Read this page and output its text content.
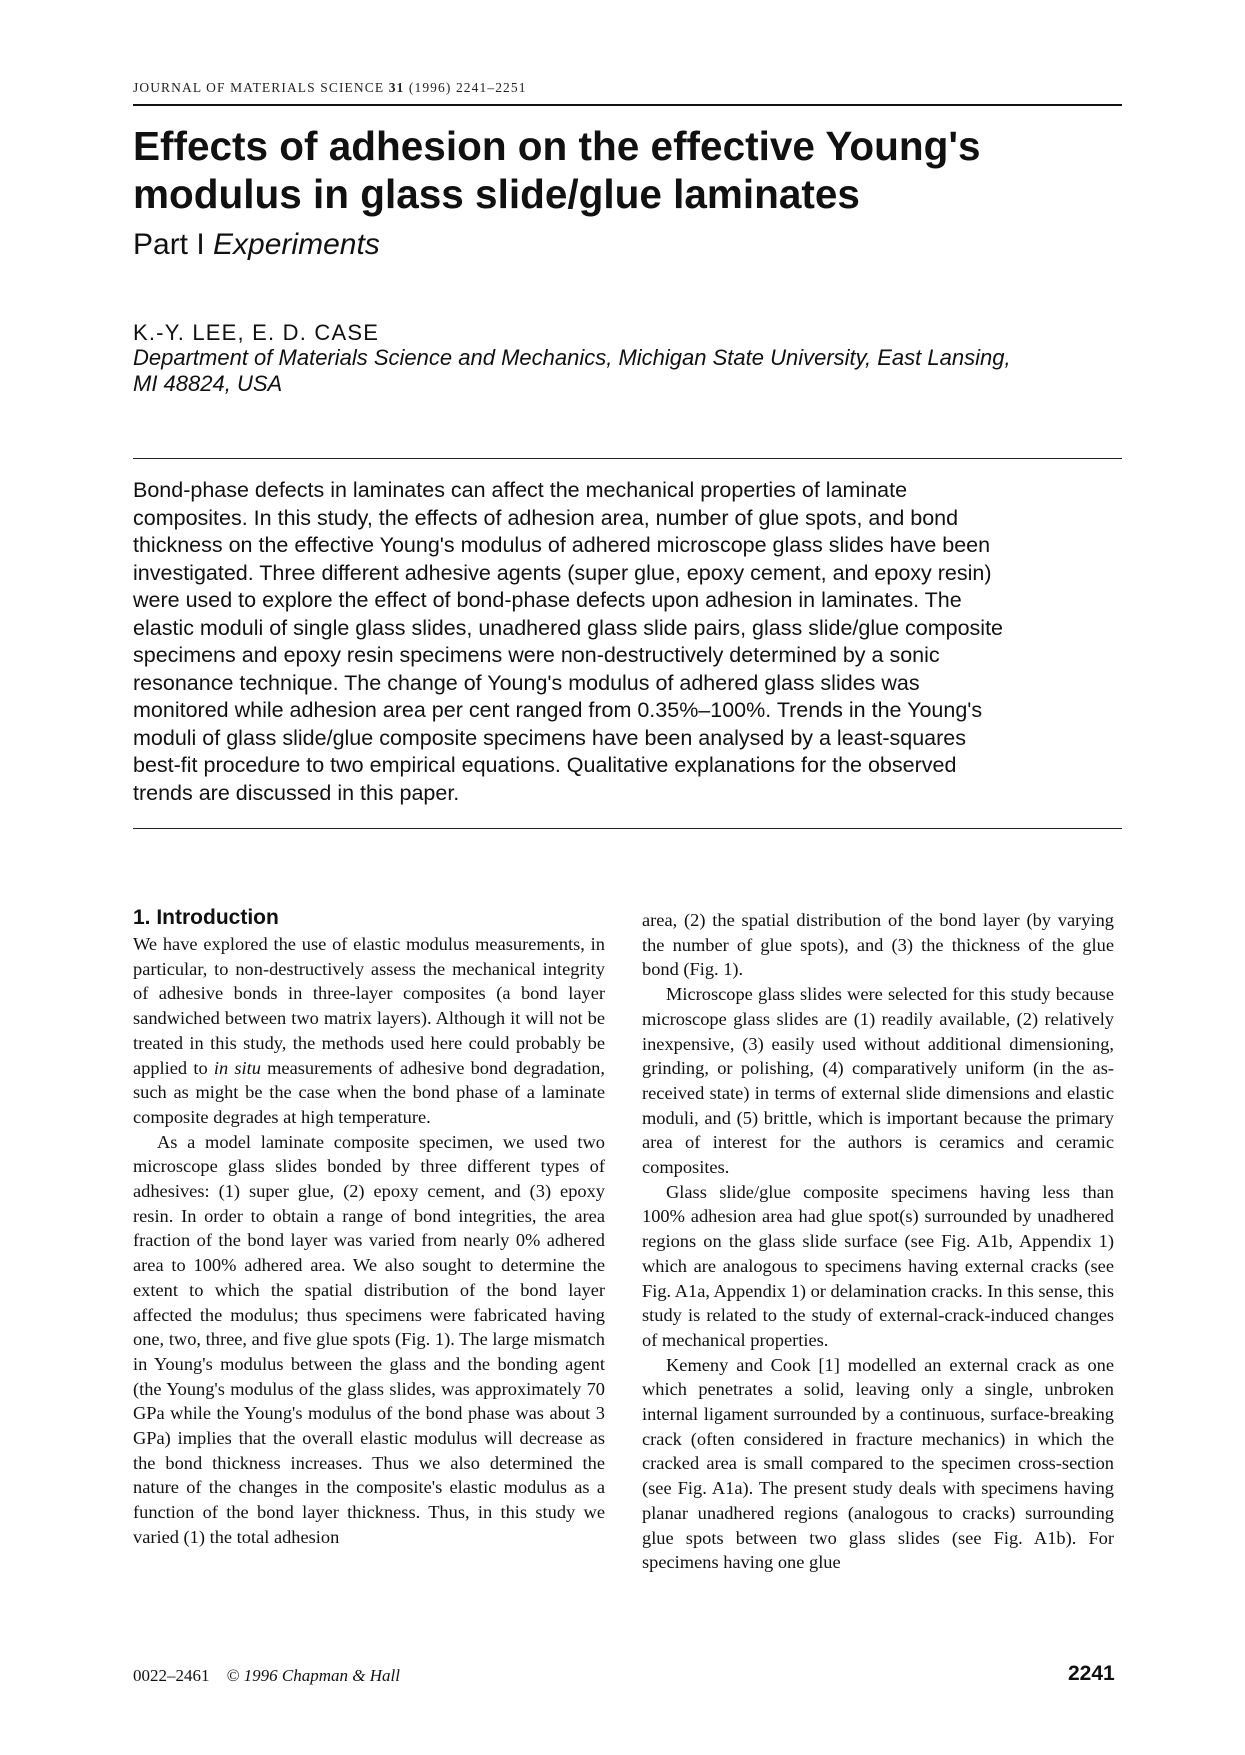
JOURNAL OF MATERIALS SCIENCE 31 (1996) 2241–2251
Effects of adhesion on the effective Young's
modulus in glass slide/glue laminates
Part I Experiments
K.-Y. LEE, E. D. CASE
Department of Materials Science and Mechanics, Michigan State University, East Lansing,
MI 48824, USA
Bond-phase defects in laminates can affect the mechanical properties of laminate
composites. In this study, the effects of adhesion area, number of glue spots, and bond
thickness on the effective Young's modulus of adhered microscope glass slides have been
investigated. Three different adhesive agents (super glue, epoxy cement, and epoxy resin)
were used to explore the effect of bond-phase defects upon adhesion in laminates. The
elastic moduli of single glass slides, unadhered glass slide pairs, glass slide/glue composite
specimens and epoxy resin specimens were non-destructively determined by a sonic
resonance technique. The change of Young's modulus of adhered glass slides was
monitored while adhesion area per cent ranged from 0.35%–100%. Trends in the Young's
moduli of glass slide/glue composite specimens have been analysed by a least-squares
best-fit procedure to two empirical equations. Qualitative explanations for the observed
trends are discussed in this paper.
1. Introduction

We have explored the use of elastic modulus measurements, in particular, to non-destructively assess the mechanical integrity of adhesive bonds in three-layer composites (a bond layer sandwiched between two matrix layers). Although it will not be treated in this study, the methods used here could probably be applied to in situ measurements of adhesive bond degradation, such as might be the case when the bond phase of a laminate composite degrades at high temperature.

As a model laminate composite specimen, we used two microscope glass slides bonded by three different types of adhesives: (1) super glue, (2) epoxy cement, and (3) epoxy resin. In order to obtain a range of bond integrities, the area fraction of the bond layer was varied from nearly 0% adhered area to 100% adhered area. We also sought to determine the extent to which the spatial distribution of the bond layer affected the modulus; thus specimens were fabricated having one, two, three, and five glue spots (Fig. 1). The large mismatch in Young's modulus between the glass and the bonding agent (the Young's modulus of the glass slides, was approximately 70 GPa while the Young's modulus of the bond phase was about 3 GPa) implies that the overall elastic modulus will decrease as the bond thickness increases. Thus we also determined the nature of the changes in the composite's elastic modulus as a function of the bond layer thickness. Thus, in this study we varied (1) the total adhesion

area, (2) the spatial distribution of the bond layer (by varying the number of glue spots), and (3) the thickness of the glue bond (Fig. 1).

Microscope glass slides were selected for this study because microscope glass slides are (1) readily available, (2) relatively inexpensive, (3) easily used without additional dimensioning, grinding, or polishing, (4) comparatively uniform (in the as-received state) in terms of external slide dimensions and elastic moduli, and (5) brittle, which is important because the primary area of interest for the authors is ceramics and ceramic composites.

Glass slide/glue composite specimens having less than 100% adhesion area had glue spot(s) surrounded by unadhered regions on the glass slide surface (see Fig. A1b, Appendix 1) which are analogous to specimens having external cracks (see Fig. A1a, Appendix 1) or delamination cracks. In this sense, this study is related to the study of external-crack-induced changes of mechanical properties.

Kemeny and Cook [1] modelled an external crack as one which penetrates a solid, leaving only a single, unbroken internal ligament surrounded by a continuous, surface-breaking crack (often considered in fracture mechanics) in which the cracked area is small compared to the specimen cross-section (see Fig. A1a). The present study deals with specimens having planar unadhered regions (analogous to cracks) surrounding glue spots between two glass slides (see Fig. A1b). For specimens having one glue

0022–2461 © 1996 Chapman & Hall	2241
